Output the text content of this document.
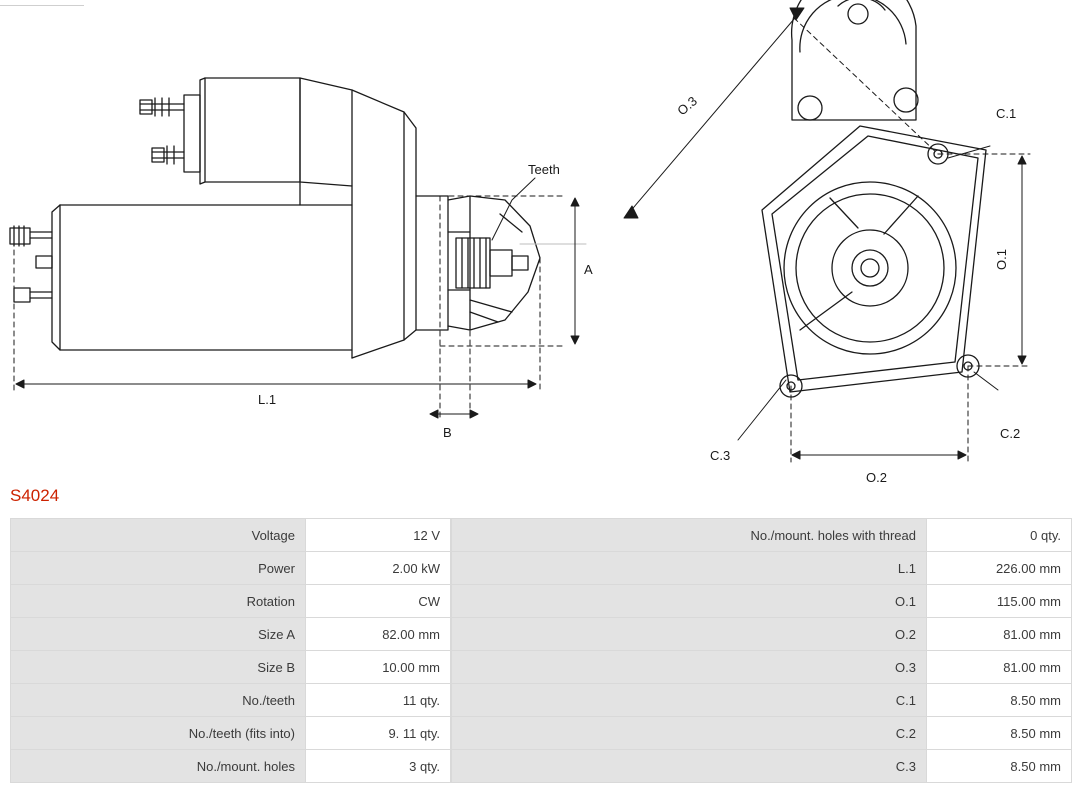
Teeth
A
L.1
B
O.3
O.1
O.2
C.1
C.2
C.3
S4024
Voltage	12 V
Power	2.00 kW
Rotation	CW
Size A	82.00 mm
Size B	10.00 mm
No./teeth	11 qty.
No./teeth (fits into)	9. 11 qty.
No./mount. holes	3 qty.
No./mount. holes with thread	0 qty.
L.1	226.00 mm
O.1	115.00 mm
O.2	81.00 mm
O.3	81.00 mm
C.1	8.50 mm
C.2	8.50 mm
C.3	8.50 mm
